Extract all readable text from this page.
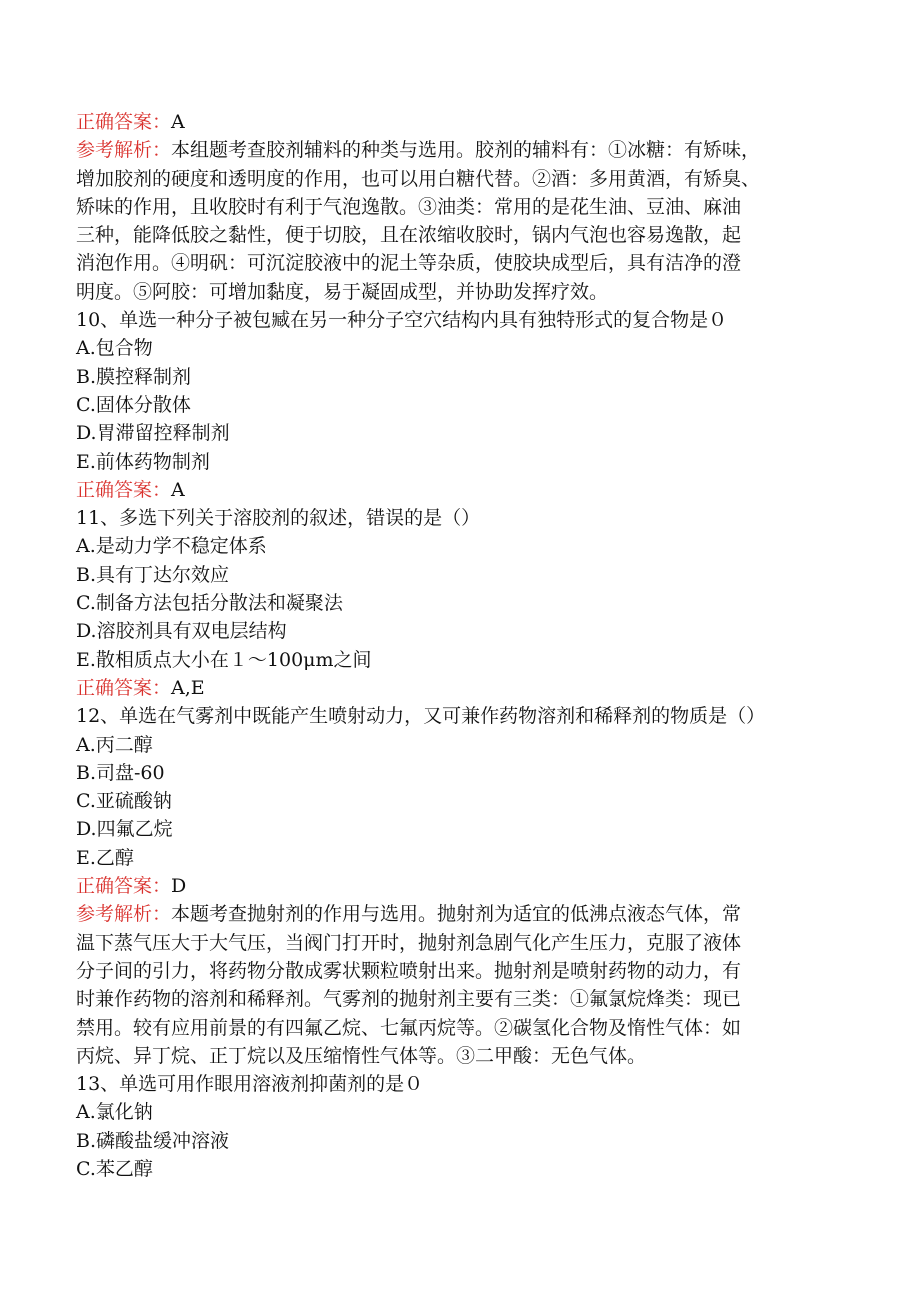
正确答案：A
参考解析：本组题考查胶剂辅料的种类与选用。胶剂的辅料有：①冰糖：有矫味，
增加胶剂的硬度和透明度的作用，也可以用白糖代替。②酒：多用黄酒，有矫臭、
矫味的作用，且收胶时有利于气泡逸散。③油类：常用的是花生油、豆油、麻油
三种，能降低胶之黏性，便于切胶，且在浓缩收胶时，锅内气泡也容易逸散，起
消泡作用。④明矾：可沉淀胶液中的泥土等杂质，使胶块成型后，具有洁净的澄
明度。⑤阿胶：可增加黏度，易于凝固成型，并协助发挥疗效。
10、单选一种分子被包臧在另一种分子空穴结构内具有独特形式的复合物是０
A.包合物
B.膜控释制剂
C.固体分散体
D.胃滞留控释制剂
E.前体药物制剂
正确答案：A
11、多选下列关于溶胶剂的叙述，错误的是（）
A.是动力学不稳定体系
B.具有丁达尔效应
C.制备方法包括分散法和凝聚法
D.溶胶剂具有双电层结构
E.散相质点大小在１～100μm之间
正确答案：A,E
12、单选在气雾剂中既能产生喷射动力，又可兼作药物溶剂和稀释剂的物质是（）
A.丙二醇
B.司盘-60
C.亚硫酸钠
D.四氟乙烷
E.乙醇
正确答案：D
参考解析：本题考查抛射剂的作用与选用。抛射剂为适宜的低沸点液态气体，常
温下蒸气压大于大气压，当阀门打开时，抛射剂急剧气化产生压力，克服了液体
分子间的引力，将药物分散成雾状颗粒喷射出来。抛射剂是喷射药物的动力，有
时兼作药物的溶剂和稀释剂。气雾剂的抛射剂主要有三类：①氟氯烷烽类：现已
禁用。较有应用前景的有四氟乙烷、七氟丙烷等。②碳氢化合物及惰性气体：如
丙烷、异丁烷、正丁烷以及压缩惰性气体等。③二甲酸：无色气体。
13、单选可用作眼用溶液剂抑菌剂的是０
A.氯化钠
B.磷酸盐缓冲溶液
C.苯乙醇
